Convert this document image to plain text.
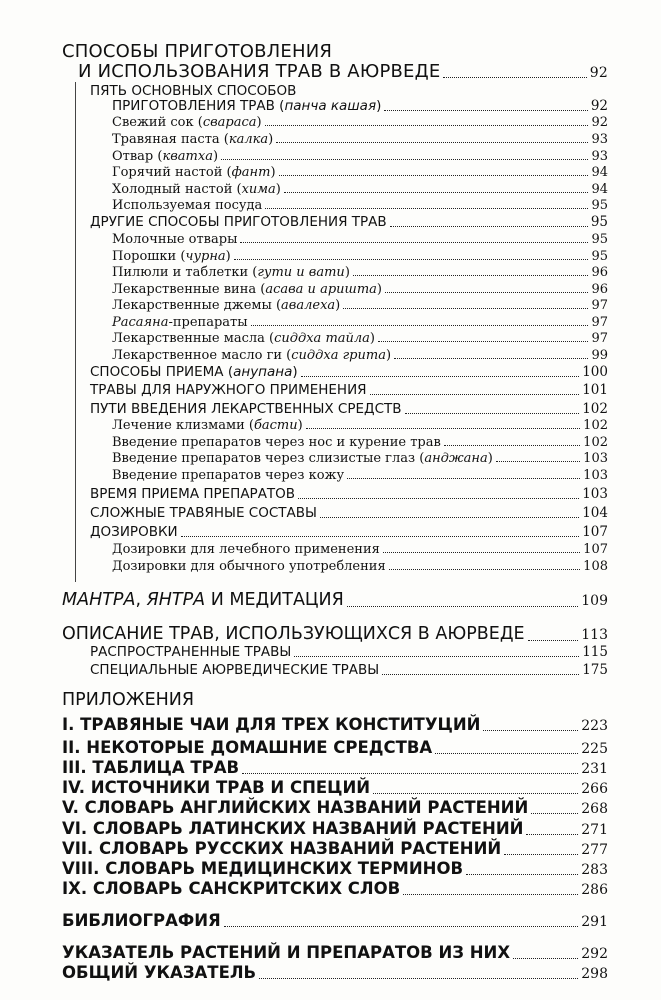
СПОСОБЫ ПРИГОТОВЛЕНИЯ
И ИСПОЛЬЗОВАНИЯ ТРАВ В АЮРВЕДЕ	92
ПЯТЬ ОСНОВНЫХ СПОСОБОВ
ПРИГОТОВЛЕНИЯ ТРАВ (панча кашая)	92
Свежий сок (свараса)	92
Травяная паста (калка)	93
Отвар (кватха)	93
Горячий настой (фант)	94
Холодный настой (хима)	94
Используемая посуда	95
ДРУГИЕ СПОСОБЫ ПРИГОТОВЛЕНИЯ ТРАВ	95
Молочные отвары	95
Порошки (чурна)	95
Пилюли и таблетки (гути и вати)	96
Лекарственные вина (асава и аришта)	96
Лекарственные джемы (авалеха)	97
Расаяна-препараты	97
Лекарственные масла (сиддха тайла)	97
Лекарственное масло ги (сиддха грита)	99
СПОСОБЫ ПРИЕМА (анупана)	100
ТРАВЫ ДЛЯ НАРУЖНОГО ПРИМЕНЕНИЯ	101
ПУТИ ВВЕДЕНИЯ ЛЕКАРСТВЕННЫХ СРЕДСТВ	102
Лечение клизмами (басти)	102
Введение препаратов через нос и курение трав	102
Введение препаратов через слизистые глаз (анджана)	103
Введение препаратов через кожу	103
ВРЕМЯ ПРИЕМА ПРЕПАРАТОВ	103
СЛОЖНЫЕ ТРАВЯНЫЕ СОСТАВЫ	104
ДОЗИРОВКИ	107
Дозировки для лечебного применения	107
Дозировки для обычного употребления	108
МАНТРА, ЯНТРА И МЕДИТАЦИЯ	109
ОПИСАНИЕ ТРАВ, ИСПОЛЬЗУЮЩИХСЯ В АЮРВЕДЕ	113
РАСПРОСТРАНЕННЫЕ ТРАВЫ	115
СПЕЦИАЛЬНЫЕ АЮРВЕДИЧЕСКИЕ ТРАВЫ	175
ПРИЛОЖЕНИЯ
I. ТРАВЯНЫЕ ЧАИ ДЛЯ ТРЕХ КОНСТИТУЦИЙ	223
II. НЕКОТОРЫЕ ДОМАШНИЕ СРЕДСТВА	225
III. ТАБЛИЦА ТРАВ	231
IV. ИСТОЧНИКИ ТРАВ И СПЕЦИЙ	266
V. СЛОВАРЬ АНГЛИЙСКИХ НАЗВАНИЙ РАСТЕНИЙ	268
VI. СЛОВАРЬ ЛАТИНСКИХ НАЗВАНИЙ РАСТЕНИЙ	271
VII. СЛОВАРЬ РУССКИХ НАЗВАНИЙ РАСТЕНИЙ	277
VIII. СЛОВАРЬ МЕДИЦИНСКИХ ТЕРМИНОВ	283
IX. СЛОВАРЬ САНСКРИТСКИХ СЛОВ	286
БИБЛИОГРАФИЯ	291
УКАЗАТЕЛЬ РАСТЕНИЙ И ПРЕПАРАТОВ ИЗ НИХ	292
ОБЩИЙ УКАЗАТЕЛЬ	298
